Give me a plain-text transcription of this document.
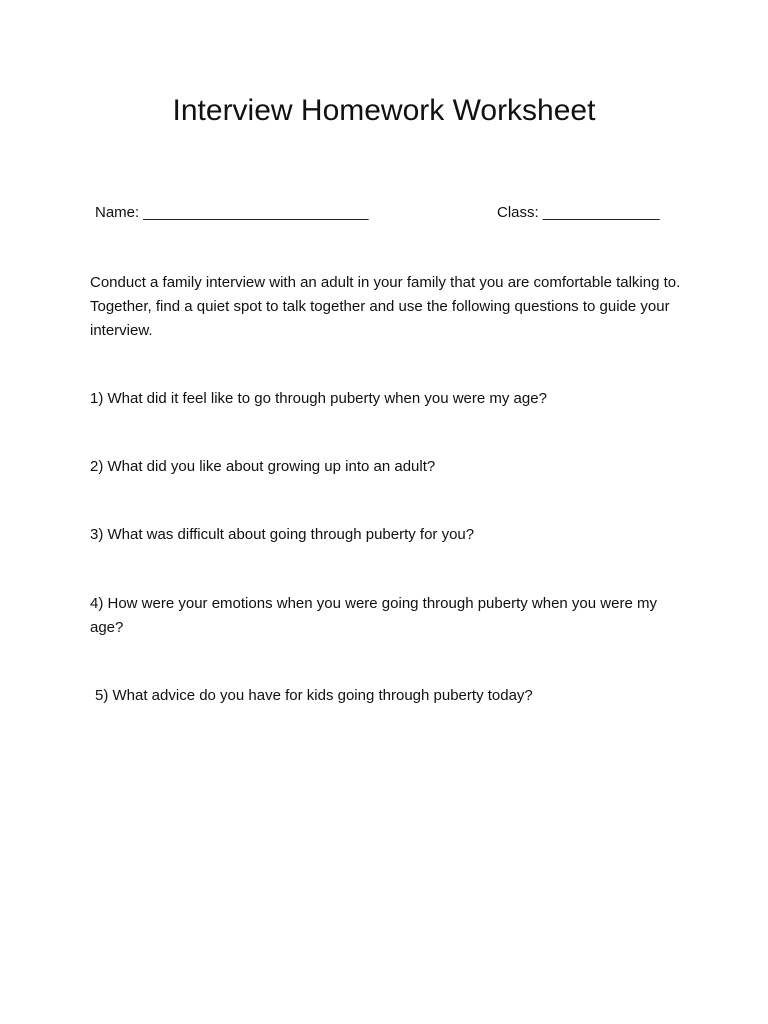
Interview Homework Worksheet
Name: ___________________________	Class: ______________

Conduct a family interview with an adult in your family that you are comfortable talking to. Together, find a quiet spot to talk together and use the following questions to guide your interview.

1) What did it feel like to go through puberty when you were my age?

2) What did you like about growing up into an adult?

3) What was difficult about going through puberty for you?

4) How were your emotions when you were going through puberty when you were my age?

5) What advice do you have for kids going through puberty today?
